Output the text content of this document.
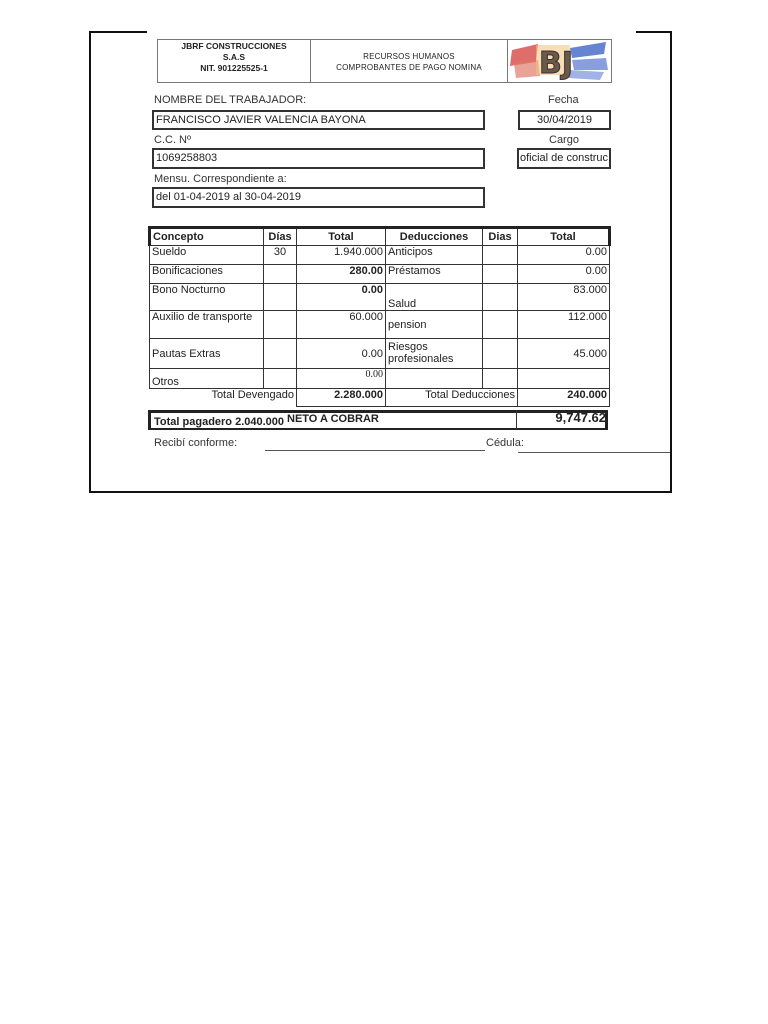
JBRF CONSTRUCCIONES
S.A.S
NIT. 901225525-1
RECURSOS HUMANOS
COMPROBANTES DE PAGO NOMINA	BJ
NOMBRE DEL TRABAJADOR:	Fecha
FRANCISCO JAVIER VALENCIA BAYONA	30/04/2019
C.C. Nº	Cargo
1069258803	oficial de construc.
Mensu. Correspondiente a:
del 01-04-2019 al 30-04-2019
Concepto	Días	Total	Deducciones	Dias	Total
Sueldo	30	1.940.000	Anticipos		0.00
Bonificaciones		280.00	Préstamos		0.00
Bono Nocturno		0.00	Salud		83.000
Auxilio de transporte		60.000	pension		112.000
Pautas Extras		0.00	Riesgos profesionales		45.000
Otros		0.00			
Total Devengado		2.280.000	Total Deducciones		240.000
Total pagadero 2.040.000 NETO A COBRAR	9,747.62
Recibí conforme:	Cédula:
